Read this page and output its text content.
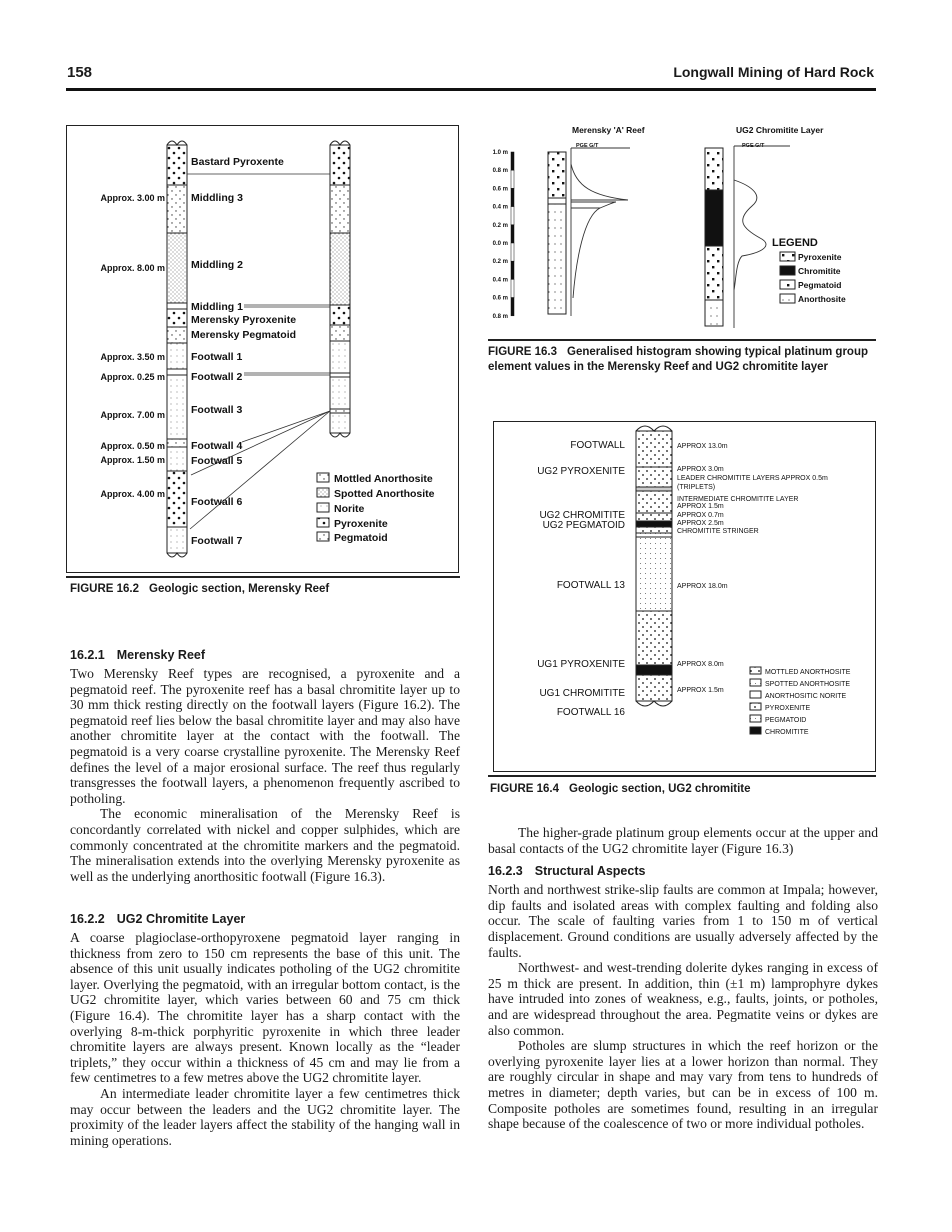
158	Longwall Mining of Hard Rock
Bastard Pyroxente
Middling 3
Middling 2
Middling 1
Merensky Pyroxenite
Merensky Pegmatoid
Footwall 1
Footwall 2
Footwall 3
Footwall 4
Footwall 5
Footwall 6
Footwall 7
Approx. 3.00 m
Approx. 8.00 m
Approx. 3.50 m
Approx. 0.25 m
Approx. 7.00 m
Approx. 0.50 m
Approx. 1.50 m
Approx. 4.00 m
Mottled Anorthosite
Spotted Anorthosite
Norite
Pyroxenite
Pegmatoid
FIGURE 16.2 Geologic section, Merensky Reef
Merensky 'A' Reef	UG2 Chromitite Layer
PGE G/T	PGE G/T
1.0 m
0.8 m
0.6 m
0.4 m
0.2 m
0.0 m
0.2 m
0.4 m
0.6 m
0.8 m
LEGEND
Pyroxenite
Chromitite
Pegmatoid
Anorthosite
FIGURE 16.3 Generalised histogram showing typical platinum group element values in the Merensky Reef and UG2 chromitite layer
FOOTWALL
UG2 PYROXENITE
UG2 CHROMITITE
UG2 PEGMATOID
FOOTWALL 13
UG1 PYROXENITE
UG1 CHROMITITE
FOOTWALL 16
APPROX 13.0m
APPROX 3.0m
LEADER CHROMITITE LAYERS APPROX 0.5m
(TRIPLETS)
INTERMEDIATE CHROMITITE LAYER
APPROX 1.5m
APPROX 0.7m
APPROX 2.5m
CHROMITITE STRINGER
APPROX 18.0m
APPROX 8.0m
APPROX 1.5m
MOTTLED ANORTHOSITE
SPOTTED ANORTHOSITE
ANORTHOSITIC NORITE
PYROXENITE
PEGMATOID
CHROMITITE
FIGURE 16.4 Geologic section, UG2 chromitite
16.2.1 Merensky Reef

Two Merensky Reef types are recognised, a pyroxenite and a pegmatoid reef. The pyroxenite reef has a basal chromitite layer up to 30 mm thick resting directly on the footwall layers (Figure 16.2). The pegmatoid reef lies below the basal chromitite layer and may also have another chromitite layer at the contact with the footwall. The pegmatoid is a very coarse crystalline pyroxenite. The Merensky Reef defines the level of a major erosional surface. The reef thus regularly transgresses the footwall layers, a phenomenon frequently ascribed to potholing.

The economic mineralisation of the Merensky Reef is concordantly correlated with nickel and copper sulphides, which are commonly concentrated at the chromitite markers and the pegmatoid. The mineralisation extends into the overlying Merensky pyroxenite as well as the underlying anorthositic footwall (Figure 16.3).

16.2.2 UG2 Chromitite Layer

A coarse plagioclase-orthopyroxene pegmatoid layer ranging in thickness from zero to 150 cm represents the base of this unit. The absence of this unit usually indicates potholing of the UG2 chromitite layer. Overlying the pegmatoid, with an irregular bottom contact, is the UG2 chromitite layer, which varies between 60 and 75 cm thick (Figure 16.4). The chromitite layer has a sharp contact with the overlying 8-m-thick porphyritic pyroxenite in which three leader chromitite layers are always present. Known locally as the “leader triplets,” they occur within a thickness of 45 cm and may lie from a few centimetres to a few metres above the UG2 chromitite layer.

An intermediate leader chromitite layer a few centimetres thick may occur between the leaders and the UG2 chromitite layer. The proximity of the leader layers affect the stability of the hanging wall in mining operations.

The higher-grade platinum group elements occur at the upper and basal contacts of the UG2 chromitite layer (Figure 16.3)

16.2.3 Structural Aspects

North and northwest strike-slip faults are common at Impala; however, dip faults and isolated areas with complex faulting and folding also occur. The scale of faulting varies from 1 to 150 m of vertical displacement. Ground conditions are usually adversely affected by the faults.

Northwest- and west-trending dolerite dykes ranging in excess of 25 m thick are present. In addition, thin (±1 m) lamprophyre dykes have intruded into zones of weakness, e.g., faults, joints, or potholes, and are widespread throughout the area. Pegmatite veins or dykes are also common.

Potholes are slump structures in which the reef horizon or the overlying pyroxenite layer lies at a lower horizon than normal. They are roughly circular in shape and may vary from tens to hundreds of metres in diameter; depth varies, but can be in excess of 100 m. Composite potholes are sometimes found, resulting in an irregular shape because of the coalescence of two or more individual potholes.
